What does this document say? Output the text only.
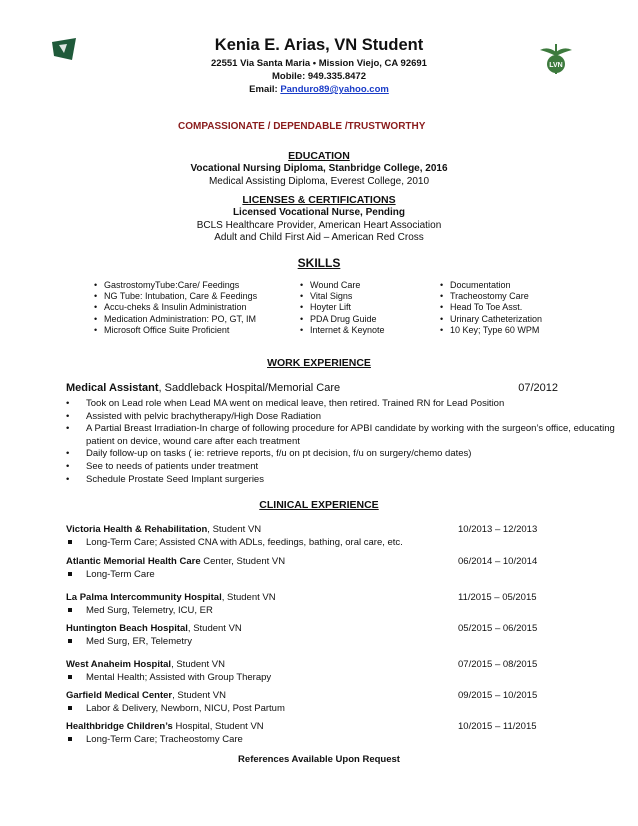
LVN
Kenia E. Arias, VN Student
22551 Via Santa Maria • Mission Viejo, CA 92691
Mobile: 949.335.8472
Email: Panduro89@yahoo.com
COMPASSIONATE / DEPENDABLE /TRUSTWORTHY
EDUCATION
Vocational Nursing Diploma, Stanbridge College, 2016
Medical Assisting Diploma, Everest College, 2010
LICENSES & CERTIFICATIONS
Licensed Vocational Nurse, Pending
BCLS Healthcare Provider, American Heart Association
Adult and Child First Aid – American Red Cross
SKILLS
• GastrostomyTube:Care/ Feedings
• NG Tube: Intubation, Care & Feedings
• Accu-cheks & Insulin Administration
• Medication Administration: PO, GT, IM
• Microsoft Office Suite Proficient
• Wound Care
• Vital Signs
• Hoyter Lift
• PDA Drug Guide
• Internet & Keynote
• Documentation
• Tracheostomy Care
• Head To Toe Asst.
• Urinary Catheterization
• 10 Key; Type 60 WPM
WORK EXPERIENCE
Medical Assistant, Saddleback Hospital/Memorial Care	07/2012
• Took on Lead role when Lead MA went on medical leave, then retired. Trained RN for Lead Position
• Assisted with pelvic brachytherapy/High Dose Radiation
• A Partial Breast Irradiation-In charge of following procedure for APBI candidate by working with the surgeon’s office, educating patient on device, wound care after each treatment
• Daily follow-up on tasks ( ie: retrieve reports, f/u on pt decision, f/u on surgery/chemo dates)
• See to needs of patients under treatment
• Schedule Prostate Seed Implant surgeries
CLINICAL EXPERIENCE
Victoria Health & Rehabilitation, Student VN	10/2013 – 12/2013
Long-Term Care; Assisted CNA with ADLs, feedings, bathing, oral care, etc.
Atlantic Memorial Health Care Center, Student VN	06/2014 – 10/2014
Long-Term Care
La Palma Intercommunity Hospital, Student VN	11/2015 – 05/2015
Med Surg, Telemetry, ICU, ER
Huntington Beach Hospital, Student VN	05/2015 – 06/2015
Med Surg, ER, Telemetry
West Anaheim Hospital, Student VN	07/2015 – 08/2015
Mental Health; Assisted with Group Therapy
Garfield Medical Center, Student VN	09/2015 – 10/2015
Labor & Delivery, Newborn, NICU, Post Partum
Healthbridge Children’s Hospital, Student VN	10/2015 – 11/2015
Long-Term Care; Tracheostomy Care
References Available Upon Request
